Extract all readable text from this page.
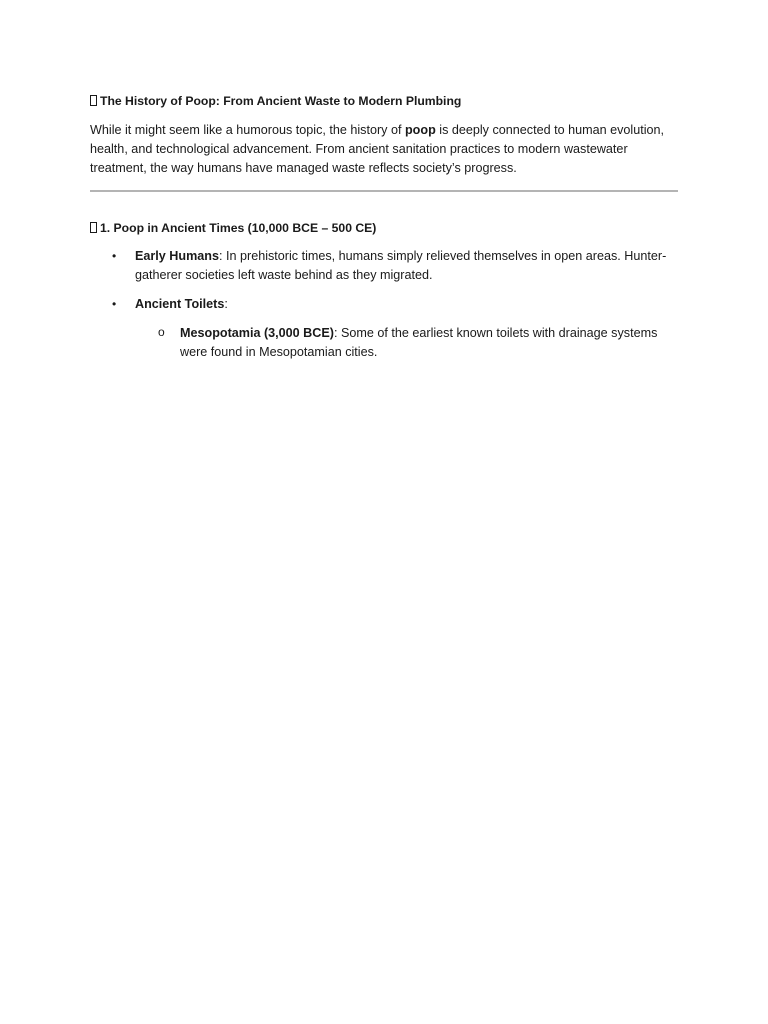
The History of Poop: From Ancient Waste to Modern Plumbing

While it might seem like a humorous topic, the history of poop is deeply connected to human evolution, health, and technological advancement. From ancient sanitation practices to modern wastewater treatment, the way humans have managed waste reflects society’s progress.

1. Poop in Ancient Times (10,000 BCE – 500 CE)
• Early Humans: In prehistoric times, humans simply relieved themselves in open areas. Hunter-gatherer societies left waste behind as they migrated.
• Ancient Toilets:
o Mesopotamia (3,000 BCE): Some of the earliest known toilets with drainage systems were found in Mesopotamian cities.
